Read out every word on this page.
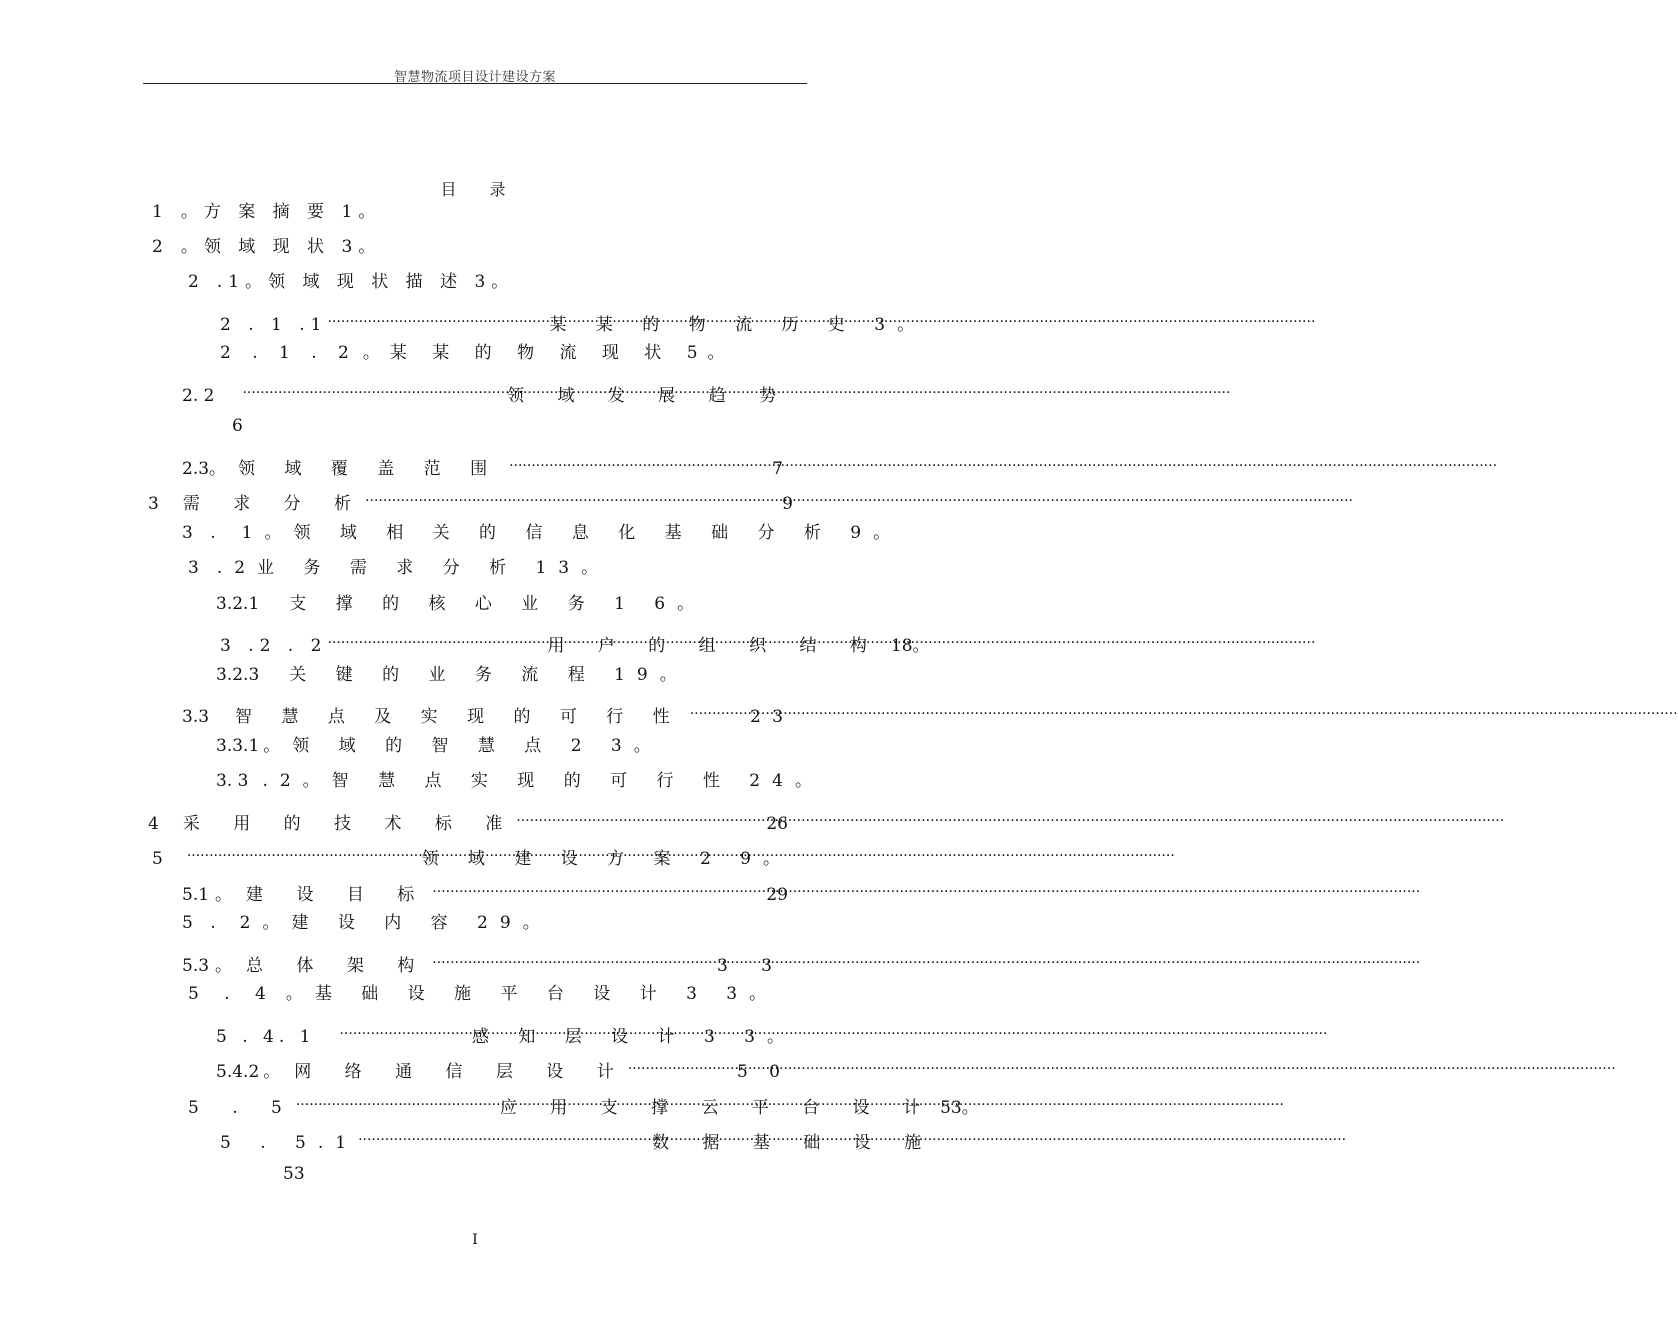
智慧物流项目设计建设方案
目 录
1 。方 案 摘 要 1。
2 。领 域 现 状 3。
2 .1。领 域 现 状 描 述 3。
2 . 1 .1 .....	某 某 的 物 流 历 史 3。
2 . 1 . 2 。某 某 的 物 流 现 状 5。
2. 2 .....	领 域 发 展 趋 势
6
2.3 。领 域 覆 盖 范 围 .....	7
3 需 求 分 析 .....	9
3 . 1。领 域 相 关 的 信 息 化 基 础 分 析 9。
3 .2业 务 需 求 分 析 13。
3.2.1 支 撑 的 核 心 业 务 1 6。
3 .2 . 2 .....	用 户 的 组 织 结 构 18。
3.2.3 关 键 的 业 务 流 程 19。
3.3 智 慧 点 及 实 现 的 可 行 性 .....	2 3
3.3.1 。领 域 的 智 慧 点 2 3。
3. 3 .2。智 慧 点 实 现 的 可 行 性 24。
4 采 用 的 技 术 标 准 .....	26
5 .....	领 域 建 设 方 案 2 9。
5.1 。建 设 目 标 .....	29
5 . 2。建 设 内 容 29。
5.3 。总 体 架 构 .....	3 3
5 . 4 。基 础 设 施 平 台 设 计 3 3。
5 . 4. 1 .....	感 知 层 设 计 3 3。
5.4.2 。网 络 通 信 层 设 计 .....	5 0
5 . 5 .....	应 用 支 撑 云 平 台 设 计 53。
5 . 5.1 .....	数 据 基 础 设 施
53
I
